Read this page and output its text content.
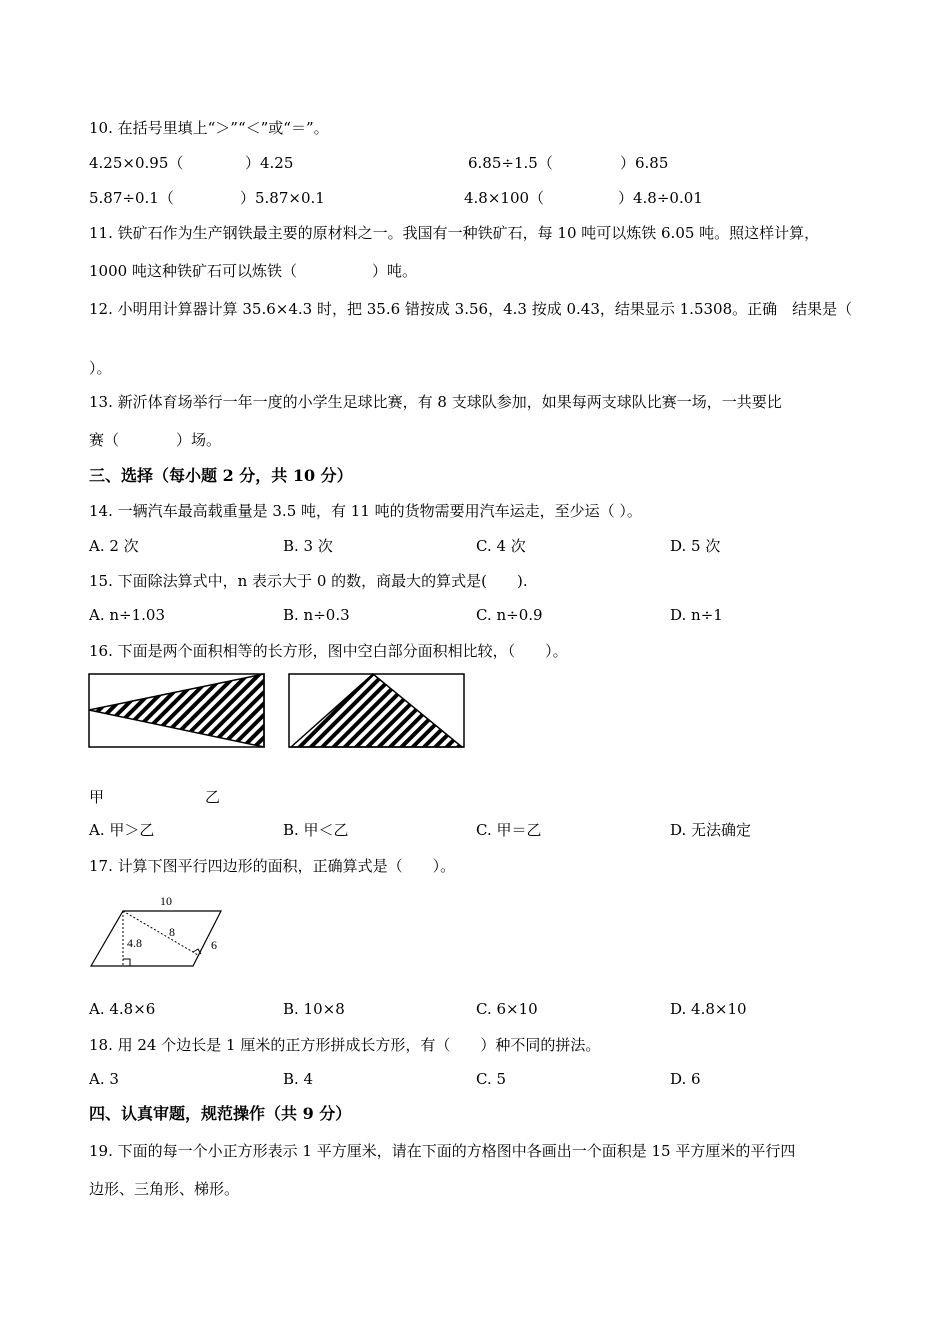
10. 在括号里填上“＞”“＜”或“＝”。
4.25×0.95（	）4.25	6.85÷1.5（	）6.85
5.87÷0.1（	）5.87×0.1	4.8×100（	）4.8÷0.01
11. 铁矿石作为生产钢铁最主要的原材料之一。我国有一种铁矿石，每 10 吨可以炼铁 6.05 吨。照这样计算，
1000 吨这种铁矿石可以炼铁（	）吨。
12. 小明用计算器计算 35.6×4.3 时，把 35.6 错按成 3.56，4.3 按成 0.43，结果显示 1.5308。正确　结果是（
）。
13. 新沂体育场举行一年一度的小学生足球比赛，有 8 支球队参加，如果每两支球队比赛一场，一共要比
赛（	）场。
三、选择（每小题 2 分，共 10 分）
14. 一辆汽车最高载重量是 3.5 吨，有 11 吨的货物需要用汽车运走，至少运（ ）。
A. 2 次	B. 3 次	C. 4 次	D. 5 次
15. 下面除法算式中，n 表示大于 0 的数，商最大的算式是(　　).
A. n÷1.03	B. n÷0.3	C. n÷0.9	D. n÷1
16. 下面是两个面积相等的长方形，图中空白部分面积相比较，（　　）。
甲	乙
A. 甲＞乙	B. 甲＜乙	C. 甲＝乙	D. 无法确定
17. 计算下图平行四边形的面积，正确算式是（　　）。
10
8
4.8	6
A. 4.8×6	B. 10×8	C. 6×10	D. 4.8×10
18. 用 24 个边长是 1 厘米的正方形拼成长方形，有（　　）种不同的拼法。
A. 3	B. 4	C. 5	D. 6
四、认真审题，规范操作（共 9 分）
19. 下面的每一个小正方形表示 1 平方厘米，请在下面的方格图中各画出一个面积是 15 平方厘米的平行四
边形、三角形、梯形。
